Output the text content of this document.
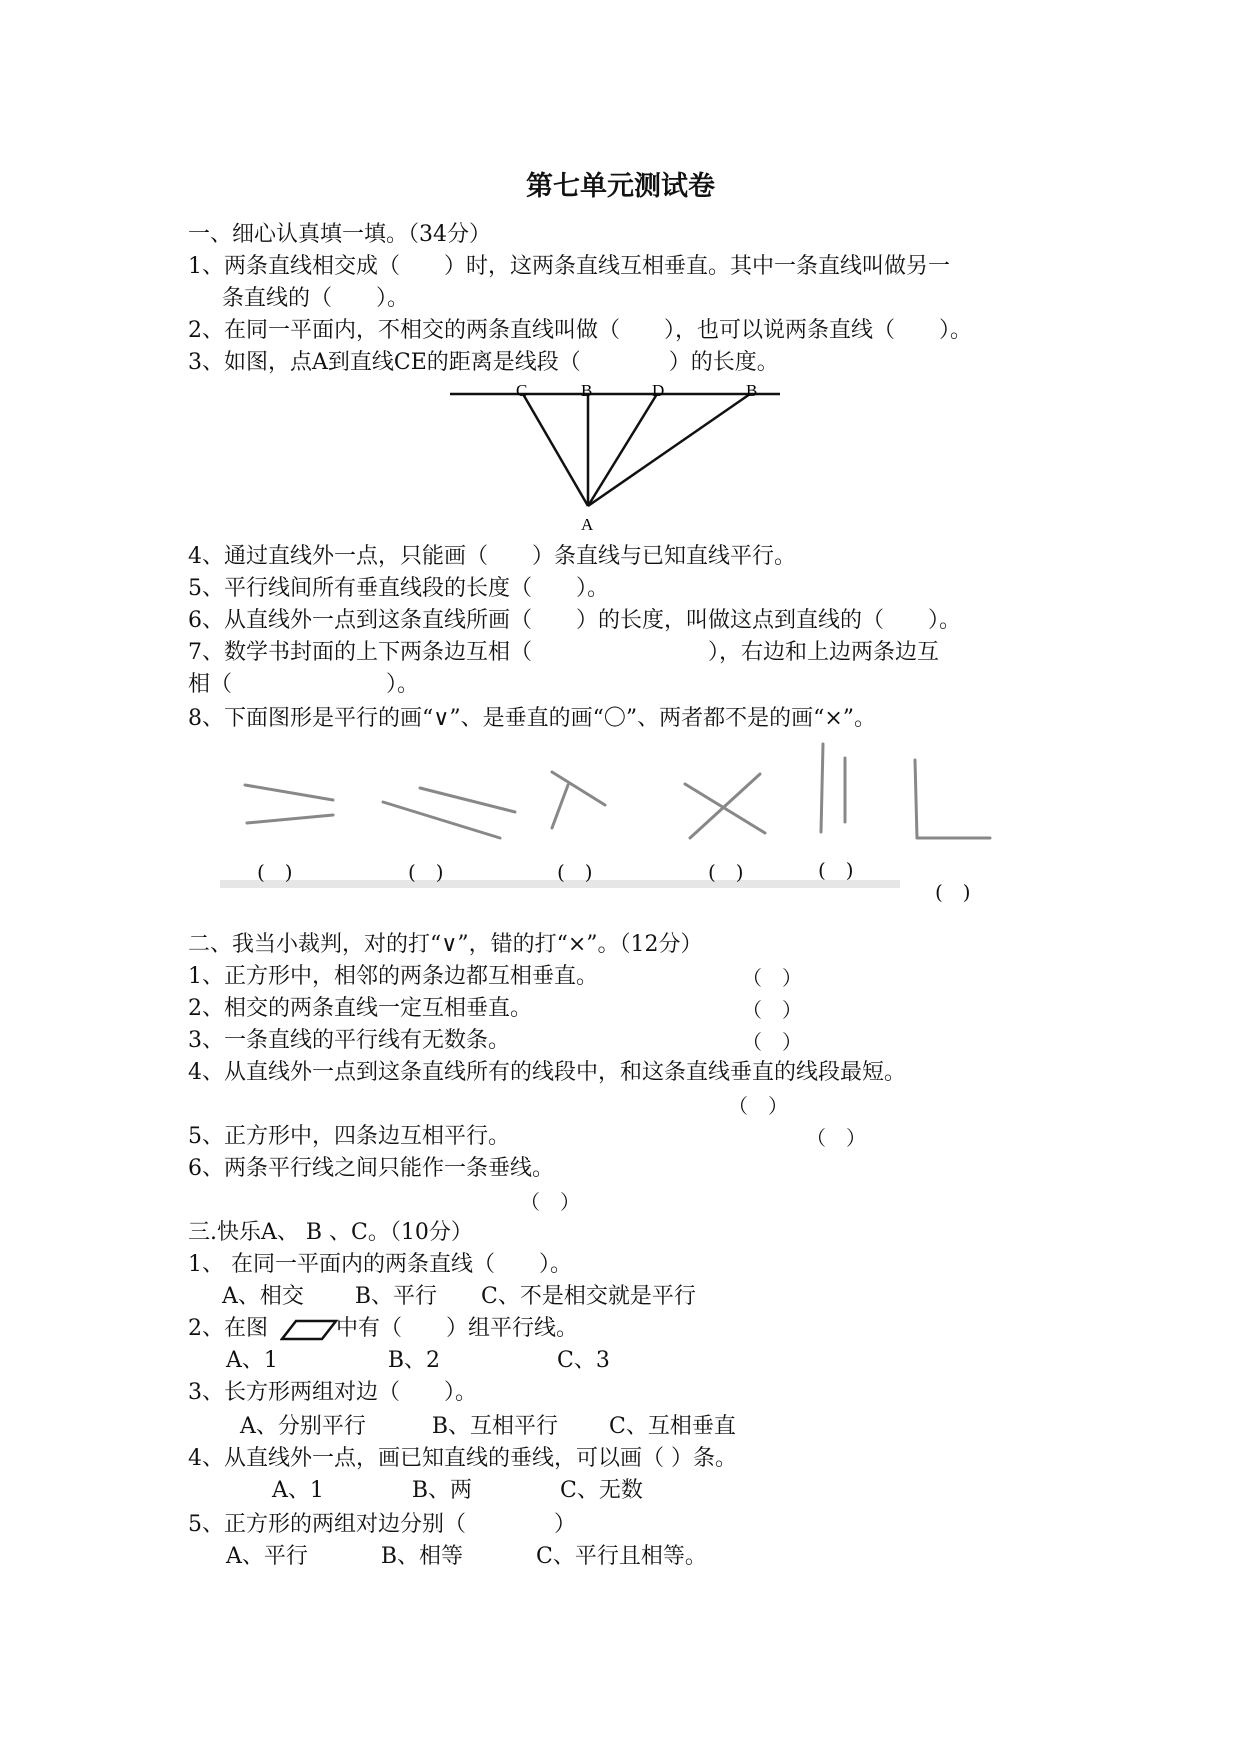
第七单元测试卷
一、细心认真填一填。（34分）
1、两条直线相交成（　　）时，这两条直线互相垂直。其中一条直线叫做另一
条直线的（　　）。
2、在同一平面内，不相交的两条直线叫做（　　），也可以说两条直线（　　）。
3、如图，点A到直线CE的距离是线段（　　　　）的长度。
C	B	D	B
A
4、通过直线外一点，只能画（　　）条直线与已知直线平行。
5、平行线间所有垂直线段的长度（　　）。
6、从直线外一点到这条直线所画（　　）的长度，叫做这点到直线的（　　）。
7、数学书封面的上下两条边互相（　　　　　　　　），右边和上边两条边互
相（　　　　　　　）。
8、下面图形是平行的画“∨”、是垂直的画“〇”、两者都不是的画“×”。
(　)	(　)	(　)	(　)	(　)
(　)
二、我当小裁判，对的打“∨”，错的打“×”。（12分）
1、正方形中，相邻的两条边都互相垂直。	（　）
2、相交的两条直线一定互相垂直。	（　）
3、一条直线的平行线有无数条。	（　）
4、从直线外一点到这条直线所有的线段中，和这条直线垂直的线段最短。
（　）
5、正方形中，四条边互相平行。	（　）
6、两条平行线之间只能作一条垂线。
（　）
三.快乐A、 B 、C。（10分）
1、 在同一平面内的两条直线（　　）。
A、相交　　 B、平行　　C、不是相交就是平行
2、在图	中有（　　）组平行线。
A、1　　　　　B、2　　　　　 C、3
3、长方形两组对边（　　）。
A、分别平行　　　B、互相平行　　 C、互相垂直
4、从直线外一点，画已知直线的垂线，可以画（ ）条。
A、1　　　　B、两　　　　C、无数
5、正方形的两组对边分别（　　　　）
A、平行　　　 B、相等　　　 C、平行且相等。
